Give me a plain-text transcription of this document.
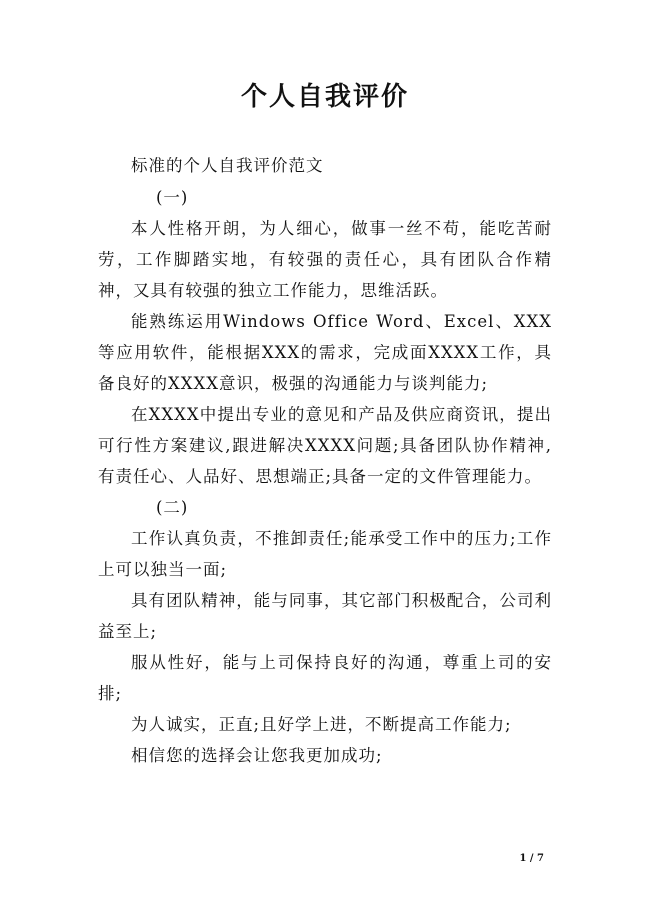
个人自我评价
标准的个人自我评价范文

(一)

本人性格开朗，为人细心，做事一丝不苟，能吃苦耐劳，工作脚踏实地，有较强的责任心，具有团队合作精神，又具有较强的独立工作能力，思维活跃。

能熟练运用Windows Office Word、Excel、XXX等应用软件，能根据XXX的需求，完成面XXXX工作，具备良好的XXXX意识，极强的沟通能力与谈判能力;

在XXXX中提出专业的意见和产品及供应商资讯，提出可行性方案建议,跟进解决XXXX问题;具备团队协作精神,有责任心、人品好、思想端正;具备一定的文件管理能力。

(二)

工作认真负责，不推卸责任;能承受工作中的压力;工作上可以独当一面;

具有团队精神，能与同事，其它部门积极配合，公司利益至上;

服从性好，能与上司保持良好的沟通，尊重上司的安排;

为人诚实，正直;且好学上进，不断提高工作能力;

相信您的选择会让您我更加成功;

1 / 7
